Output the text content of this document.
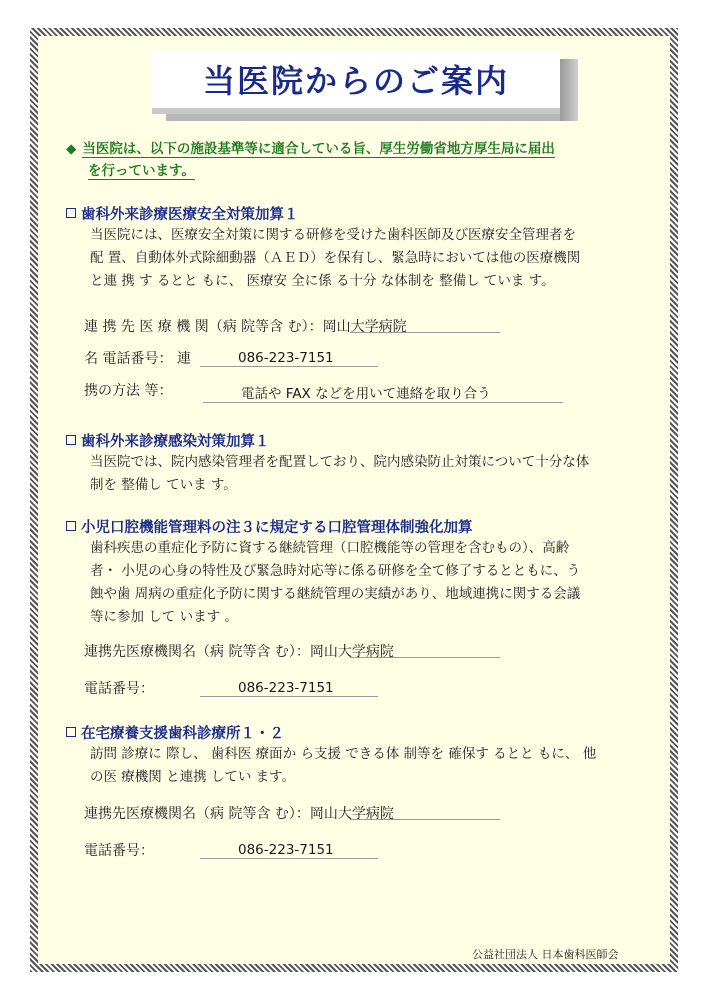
当医院からのご案内
◆ 当医院は、以下の施設基準等に適合している旨、厚生労働省地方厚生局に届出
を行っています。
歯科外来診療医療安全対策加算１
当医院には、医療安全対策に関する研修を受けた歯科医師及び医療安全管理者を
配 置、自動体外式除細動器（ＡＥＤ）を保有し、緊急時においては他の医療機関
と連 携 す るとと もに、 医療安 全に係 る十分 な体制を 整備し ていま す。
連 携 先 医 療 機 関（病 院等含 む）：岡山大学病院
名 電話番号： 連	086-223-7151
携の方法 等：	電話や FAX などを用いて連絡を取り合う
歯科外来診療感染対策加算１
当医院では、院内感染管理者を配置しており、院内感染防止対策について十分な体
制を 整備し ていま す。
小児口腔機能管理料の注３に規定する口腔管理体制強化加算
歯科疾患の重症化予防に資する継続管理（口腔機能等の管理を含むもの）、高齢
者・ 小児の心身の特性及び緊急時対応等に係る研修を全て修了するとともに、う
蝕や歯 周病の重症化予防に関する継続管理の実績があり、地域連携に関する会議
等に参加 して います 。
連携先医療機関名（病 院等含 む）：岡山大学病院
電話番号：	086-223-7151
在宅療養支援歯科診療所１・２
訪問 診療に 際し、 歯科医 療面か ら支援 できる体 制等を 確保す るとと もに、 他
の医 療機関 と連携 してい ます。
連携先医療機関名（病 院等含 む）：岡山大学病院
電話番号：	086-223-7151
公益社団法人 日本歯科医師会
